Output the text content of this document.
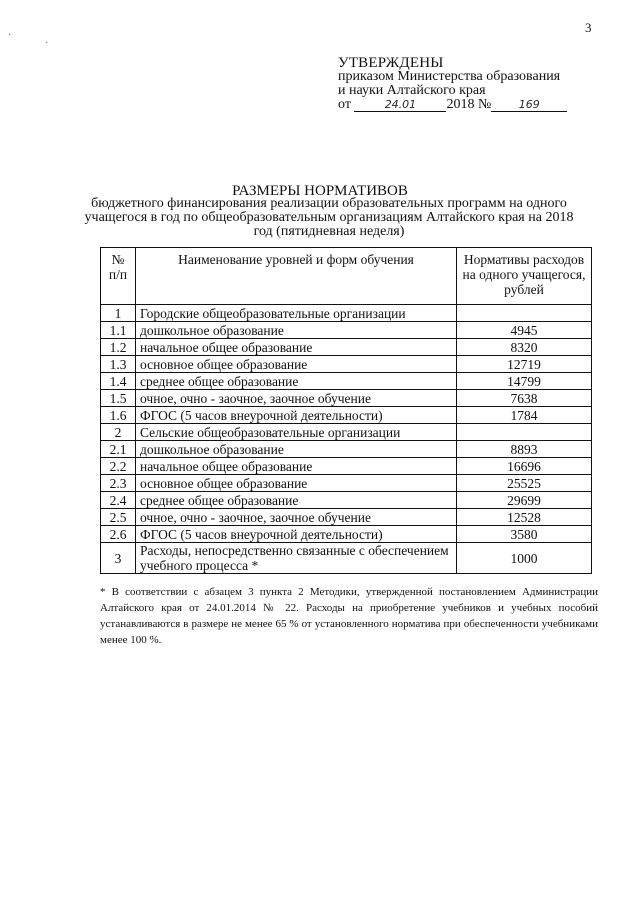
3
·
·
УТВЕРЖДЕНЫ
приказом Министерства образования
и науки Алтайского края
от	24.01 2018 №	169
РАЗМЕРЫ НОРМАТИВОВ
бюджетного финансирования реализации образовательных программ на одного учащегося в год по общеобразовательным организациям Алтайского края на 2018 год (пятидневная неделя)
№ п/п	Наименование уровней и форм обучения	Нормативы расходов на одного учащегося, рублей
1	Городские общеобразовательные организации	
1.1	дошкольное образование	4945
1.2	начальное общее образование	8320
1.3	основное общее образование	12719
1.4	среднее общее образование	14799
1.5	очное, очно - заочное, заочное обучение	7638
1.6	ФГОС (5 часов внеурочной деятельности)	1784
2	Сельские общеобразовательные организации	
2.1	дошкольное образование	8893
2.2	начальное общее образование	16696
2.3	основное общее образование	25525
2.4	среднее общее образование	29699
2.5	очное, очно - заочное, заочное обучение	12528
2.6	ФГОС (5 часов внеурочной деятельности)	3580
3	Расходы, непосредственно связанные с обеспечением учебного процесса *	1000
* В соответствии с абзацем 3 пункта 2 Методики, утвержденной постановлением Администрации Алтайского края от 24.01.2014 № 22. Расходы на приобретение учебников и учебных пособий устанавливаются в размере не менее 65 % от установленного норматива при обеспеченности учебниками менее 100 %.
